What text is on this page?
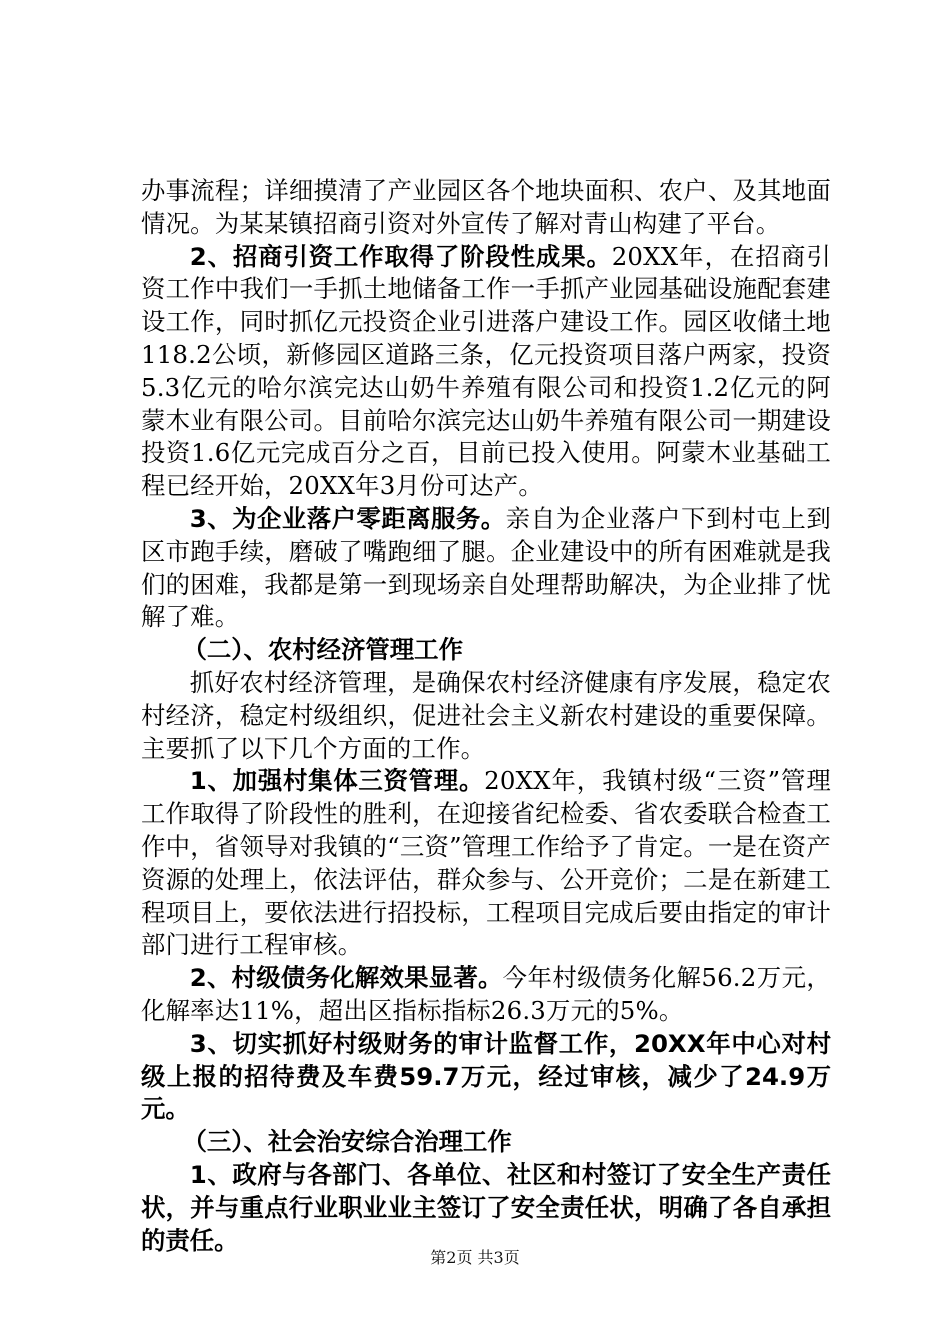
办事流程；详细摸清了产业园区各个地块面积、农户、及其地面情况。为某某镇招商引资对外宣传了解对青山构建了平台。

2、招商引资工作取得了阶段性成果。20XX年，在招商引资工作中我们一手抓土地储备工作一手抓产业园基础设施配套建设工作，同时抓亿元投资企业引进落户建设工作。园区收储土地118.2公顷，新修园区道路三条，亿元投资项目落户两家，投资5.3亿元的哈尔滨完达山奶牛养殖有限公司和投资1.2亿元的阿蒙木业有限公司。目前哈尔滨完达山奶牛养殖有限公司一期建设投资1.6亿元完成百分之百，目前已投入使用。阿蒙木业基础工程已经开始，20XX年3月份可达产。

3、为企业落户零距离服务。亲自为企业落户下到村屯上到区市跑手续，磨破了嘴跑细了腿。企业建设中的所有困难就是我们的困难，我都是第一到现场亲自处理帮助解决，为企业排了忧解了难。

（二）、农村经济管理工作

抓好农村经济管理，是确保农村经济健康有序发展，稳定农村经济，稳定村级组织，促进社会主义新农村建设的重要保障。主要抓了以下几个方面的工作。

1、加强村集体三资管理。20XX年，我镇村级“三资”管理工作取得了阶段性的胜利，在迎接省纪检委、省农委联合检查工作中，省领导对我镇的“三资”管理工作给予了肯定。一是在资产资源的处理上，依法评估，群众参与、公开竞价；二是在新建工程项目上，要依法进行招投标，工程项目完成后要由指定的审计部门进行工程审核。

2、村级债务化解效果显著。今年村级债务化解56.2万元，化解率达11%，超出区指标指标26.3万元的5%。

3、切实抓好村级财务的审计监督工作，20XX年中心对村级上报的招待费及车费59.7万元，经过审核，减少了24.9万元。

（三）、社会治安综合治理工作

1、政府与各部门、各单位、社区和村签订了安全生产责任状，并与重点行业职业业主签订了安全责任状，明确了各自承担的责任。

第2页 共3页
